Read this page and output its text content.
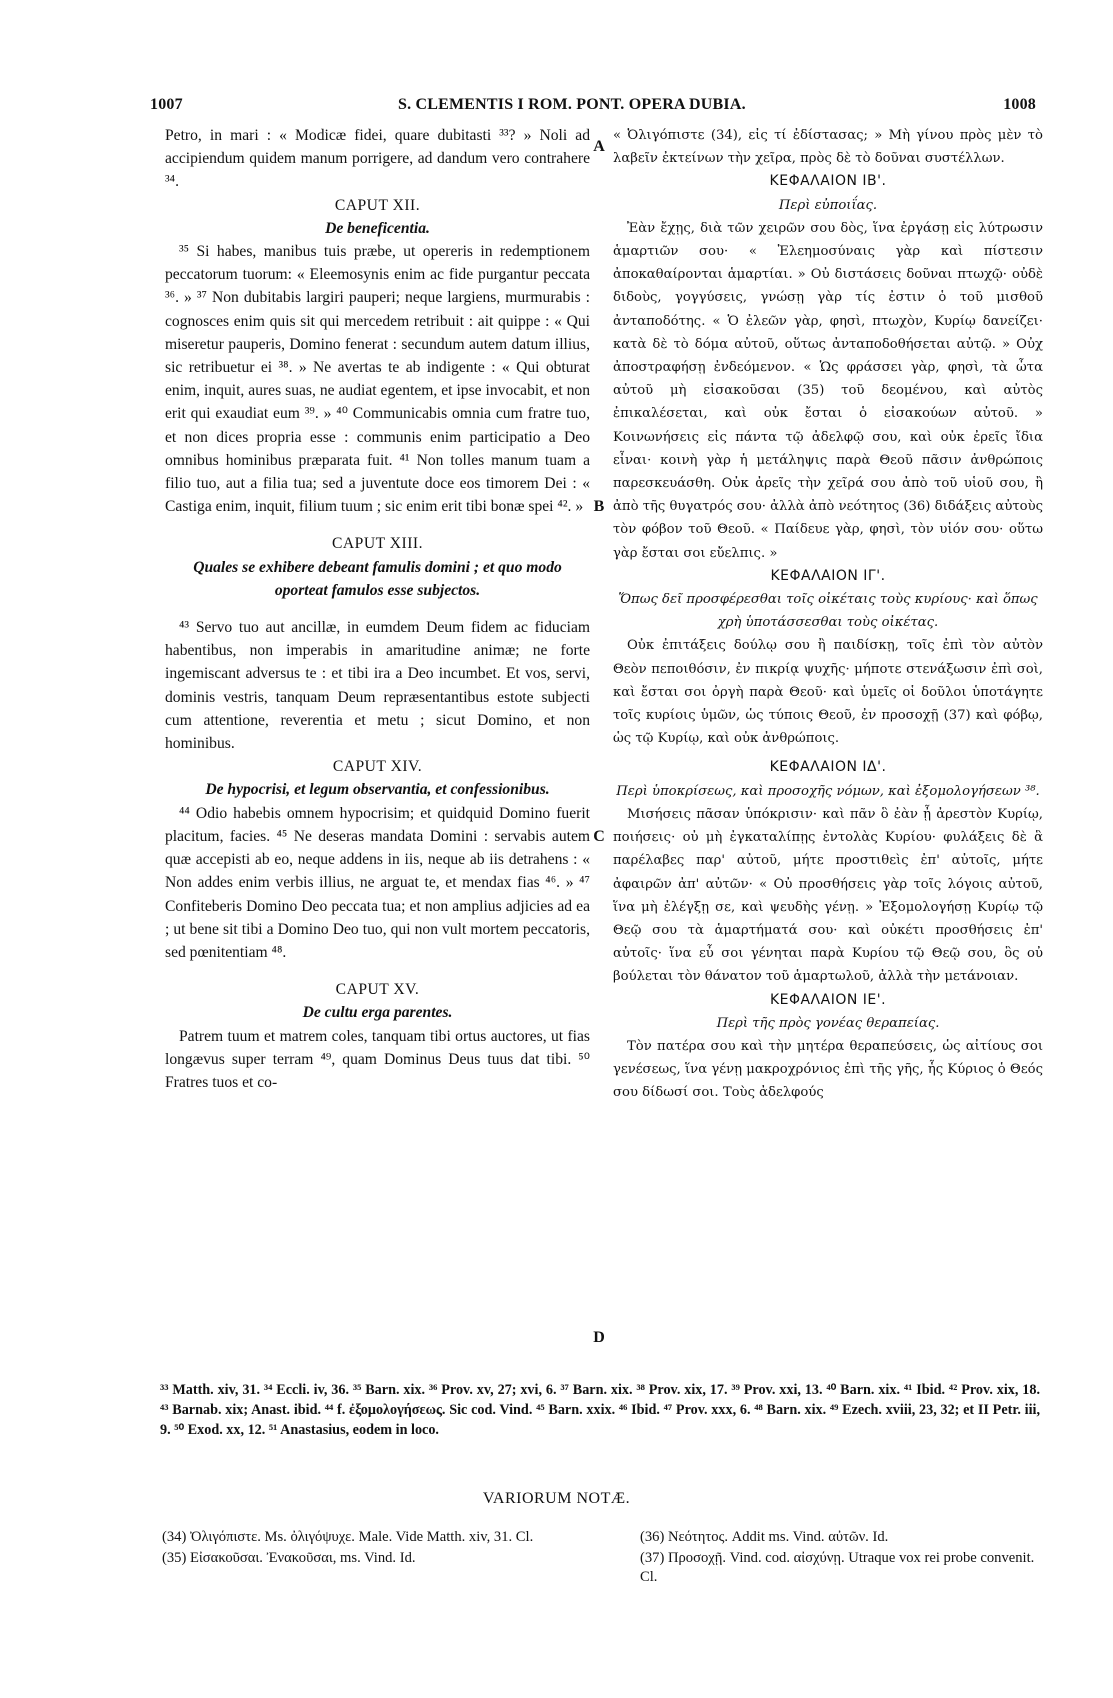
1007	S. CLEMENTIS I ROM. PONT. OPERA DUBIA.	1008

Petro, in mari : « Modicæ fidei, quare dubitasti ³³? » Noli ad accipiendum quidem manum porrigere, ad dandum vero contrahere ³⁴.

CAPUT XII.

De beneficentia.

³⁵ Si habes, manibus tuis præbe, ut opereris in redemptionem peccatorum tuorum: « Eleemosynis enim ac fide purgantur peccata ³⁶. » ³⁷ Non dubitabis largiri pauperi; neque largiens, murmurabis : cognosces enim quis sit qui mercedem retribuit : ait quippe : « Qui miseretur pauperis, Domino fenerat : secundum autem datum illius, sic retribuetur ei ³⁸. » Ne avertas te ab indigente : « Qui obturat enim, inquit, aures suas, ne audiat egentem, et ipse invocabit, et non erit qui exaudiat eum ³⁹. » ⁴⁰ Communicabis omnia cum fratre tuo, et non dices propria esse : communis enim participatio a Deo omnibus hominibus præparata fuit. ⁴¹ Non tolles manum tuam a filio tuo, aut a filia tua; sed a juventute doce eos timorem Dei : « Castiga enim, inquit, filium tuum ; sic enim erit tibi bonæ spei ⁴². »

CAPUT XIII.

Quales se exhibere debeant famulis domini ; et quo modo oporteat famulos esse subjectos.

⁴³ Servo tuo aut ancillæ, in eumdem Deum fidem ac fiduciam habentibus, non imperabis in amaritudine animæ; ne forte ingemiscant adversus te : et tibi ira a Deo incumbet. Et vos, servi, dominis vestris, tanquam Deum repræsentantibus estote subjecti cum attentione, reverentia et metu ; sicut Domino, et non hominibus.

CAPUT XIV.

De hypocrisi, et legum observantia, et confessionibus.

⁴⁴ Odio habebis omnem hypocrisim; et quidquid Domino fuerit placitum, facies. ⁴⁵ Ne deseras mandata Domini : servabis autem quæ accepisti ab eo, neque addens in iis, neque ab iis detrahens : « Non addes enim verbis illius, ne arguat te, et mendax fias ⁴⁶. » ⁴⁷ Confiteberis Domino Deo peccata tua; et non amplius adjicies ad ea ; ut bene sit tibi a Domino Deo tuo, qui non vult mortem peccatoris, sed pœnitentiam ⁴⁸.

CAPUT XV.

De cultu erga parentes.

Patrem tuum et matrem coles, tanquam tibi ortus auctores, ut fias longævus super terram ⁴⁹, quam Dominus Deus tuus dat tibi. ⁵⁰ Fratres tuos et co-

« Ὀλιγόπιστε (34), εἰς τί ἐδίστασας; » Μὴ γίνου πρὸς μὲν τὸ λαβεῖν ἐκτείνων τὴν χεῖρα, πρὸς δὲ τὸ δοῦναι συστέλλων.

ΚΕΦΑΛΑΙΟΝ ΙΒ'.

Περὶ εὐποιΐας.

Ἐὰν ἔχῃς, διὰ τῶν χειρῶν σου δὸς, ἵνα ἐργάσῃ εἰς λύτρωσιν ἁμαρτιῶν σου· « Ἐλεημοσύναις γὰρ καὶ πίστεσιν ἀποκαθαίρονται ἁμαρτίαι. » Οὐ διστάσεις δοῦναι πτωχῷ· οὐδὲ διδοὺς, γογγύσεις, γνώσῃ γὰρ τίς ἐστιν ὁ τοῦ μισθοῦ ἀνταποδότης. « Ὁ ἐλεῶν γὰρ, φησὶ, πτωχὸν, Κυρίῳ δανείζει· κατὰ δὲ τὸ δόμα αὐτοῦ, οὕτως ἀνταποδοθήσεται αὐτῷ. » Οὐχ ἀποστραφήσῃ ἐνδεόμενον. « Ὡς φράσσει γὰρ, φησὶ, τὰ ὦτα αὐτοῦ μὴ εἰσακοῦσαι (35) τοῦ δεομένου, καὶ αὐτὸς ἐπικαλέσεται, καὶ οὐκ ἔσται ὁ εἰσακούων αὐτοῦ. » Κοινωνήσεις εἰς πάντα τῷ ἀδελφῷ σου, καὶ οὐκ ἐρεῖς ἴδια εἶναι· κοινὴ γὰρ ἡ μετάληψις παρὰ Θεοῦ πᾶσιν ἀνθρώποις παρεσκευάσθη. Οὐκ ἀρεῖς τὴν χεῖρά σου ἀπὸ τοῦ υἱοῦ σου, ἢ ἀπὸ τῆς θυγατρός σου· ἀλλὰ ἀπὸ νεότητος (36) διδάξεις αὐτοὺς τὸν φόβον τοῦ Θεοῦ. « Παίδευε γὰρ, φησὶ, τὸν υἱόν σου· οὕτω γὰρ ἔσται σοι εὔελπις. »

ΚΕΦΑΛΑΙΟΝ ΙΓ'.

Ὅπως δεῖ προσφέρεσθαι τοῖς οἰκέταις τοὺς κυρίους· καὶ ὅπως χρὴ ὑποτάσσεσθαι τοὺς οἰκέτας.

Οὐκ ἐπιτάξεις δούλῳ σου ἢ παιδίσκῃ, τοῖς ἐπὶ τὸν αὐτὸν Θεὸν πεποιθόσιν, ἐν πικρίᾳ ψυχῆς· μήποτε στενάξωσιν ἐπὶ σοὶ, καὶ ἔσται σοι ὀργὴ παρὰ Θεοῦ· καὶ ὑμεῖς οἱ δοῦλοι ὑποτάγητε τοῖς κυρίοις ὑμῶν, ὡς τύποις Θεοῦ, ἐν προσοχῇ (37) καὶ φόβῳ, ὡς τῷ Κυρίῳ, καὶ οὐκ ἀνθρώποις.

ΚΕΦΑΛΑΙΟΝ ΙΔ'.

Περὶ ὑποκρίσεως, καὶ προσοχῆς νόμων, καὶ ἐξομολογήσεων ³⁸.

Μισήσεις πᾶσαν ὑπόκρισιν· καὶ πᾶν ὃ ἐὰν ᾖ ἀρεστὸν Κυρίῳ, ποιήσεις· οὐ μὴ ἐγκαταλίπῃς ἐντολὰς Κυρίου· φυλάξεις δὲ ἃ παρέλαβες παρ' αὐτοῦ, μήτε προστιθεὶς ἐπ' αὐτοῖς, μήτε ἀφαιρῶν ἀπ' αὐτῶν· « Οὐ προσθήσεις γὰρ τοῖς λόγοις αὐτοῦ, ἵνα μὴ ἐλέγξῃ σε, καὶ ψευδὴς γένῃ. » Ἐξομολογήσῃ Κυρίῳ τῷ Θεῷ σου τὰ ἁμαρτήματά σου· καὶ οὐκέτι προσθήσεις ἐπ' αὐτοῖς· ἵνα εὖ σοι γένηται παρὰ Κυρίου τῷ Θεῷ σου, ὃς οὐ βούλεται τὸν θάνατον τοῦ ἁμαρτωλοῦ, ἀλλὰ τὴν μετάνοιαν.

ΚΕΦΑΛΑΙΟΝ ΙΕ'.

Περὶ τῆς πρὸς γονέας θεραπείας.

Τὸν πατέρα σου καὶ τὴν μητέρα θεραπεύσεις, ὡς αἰτίους σοι γενέσεως, ἵνα γένῃ μακροχρόνιος ἐπὶ τῆς γῆς, ἧς Κύριος ὁ Θεός σου δίδωσί σοι. Τοὺς ἀδελφούς

A
B
C
D

³³ Matth. xiv, 31. ³⁴ Eccli. iv, 36. ³⁵ Barn. xix. ³⁶ Prov. xv, 27; xvi, 6. ³⁷ Barn. xix. ³⁸ Prov. xix, 17. ³⁹ Prov. xxi, 13. ⁴⁰ Barn. xix. ⁴¹ Ibid. ⁴² Prov. xix, 18. ⁴³ Barnab. xix; Anast. ibid. ⁴⁴ f. ἐξομολογήσεως. Sic cod. Vind. ⁴⁵ Barn. xxix. ⁴⁶ Ibid. ⁴⁷ Prov. xxx, 6. ⁴⁸ Barn. xix. ⁴⁹ Ezech. xviii, 23, 32; et II Petr. iii, 9. ⁵⁰ Exod. xx, 12. ⁵¹ Anastasius, eodem in loco.

VARIORUM NOTÆ.

(34) Ὀλιγόπιστε. Ms. ὀλιγόψυχε. Male. Vide Matth. xiv, 31. Cl.

(35) Εἰσακοῦσαι. Ἐνακοῦσαι, ms. Vind. Id.

(36) Νεότητος. Addit ms. Vind. αὐτῶν. Id.

(37) Προσοχῇ. Vind. cod. αἰσχύνῃ. Utraque vox rei probe convenit. Cl.
